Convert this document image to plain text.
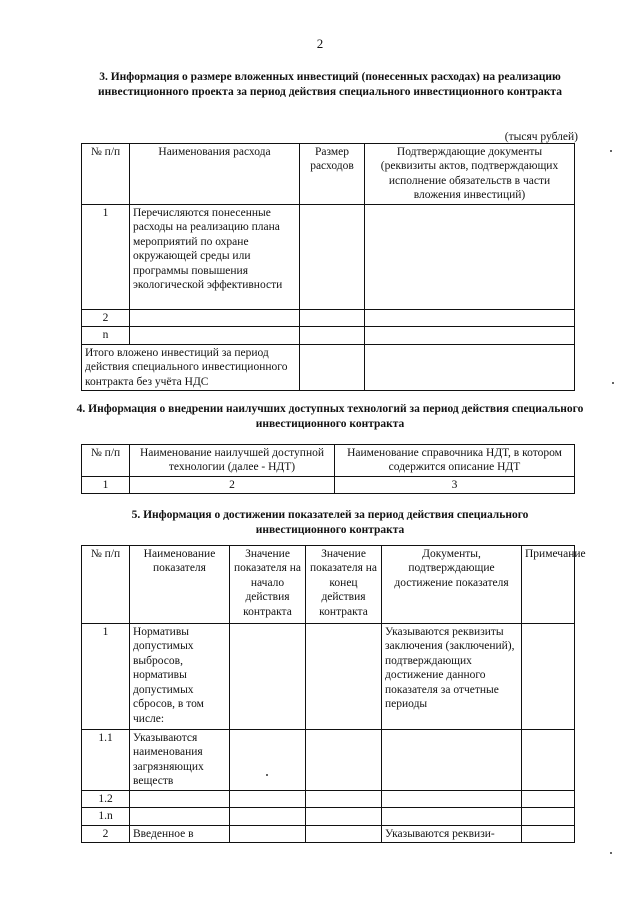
2
3. Информация о размере вложенных инвестиций (понесенных расходах) на реализацию инвестиционного проекта за период действия специального инвестиционного контракта
(тысяч рублей)
№ п/п	Наименования расхода	Размер расходов	Подтверждающие документы (реквизиты актов, подтверждающих исполнение обязательств в части вложения инвестиций)
1	Перечисляются понесенные расходы на реализацию плана мероприятий по охране окружающей среды или программы повышения экологической эффективности		
2			
n			
Итого вложено инвестиций за период действия специального инвестиционного контракта без учёта НДС			
4. Информация о внедрении наилучших доступных технологий за период действия специального инвестиционного контракта
№ п/п	Наименование наилучшей доступной технологии (далее - НДТ)	Наименование справочника НДТ, в котором содержится описание НДТ
1	2	3
5. Информация о достижении показателей за период действия специального инвестиционного контракта
№ п/п	Наименование показателя	Значение показателя на начало действия контракта	Значение показателя на конец действия контракта	Документы, подтверждающие достижение показателя	Примечание
1	Нормативы допустимых выбросов, нормативы допустимых сбросов, в том числе:			Указываются реквизиты заключения (заключений), подтверждающих достижение данного показателя за отчетные периоды	
1.1	Указываются наименования загрязняющих веществ				
1.2					
1.n					
2	Введенное в			Указываются реквизи-	
